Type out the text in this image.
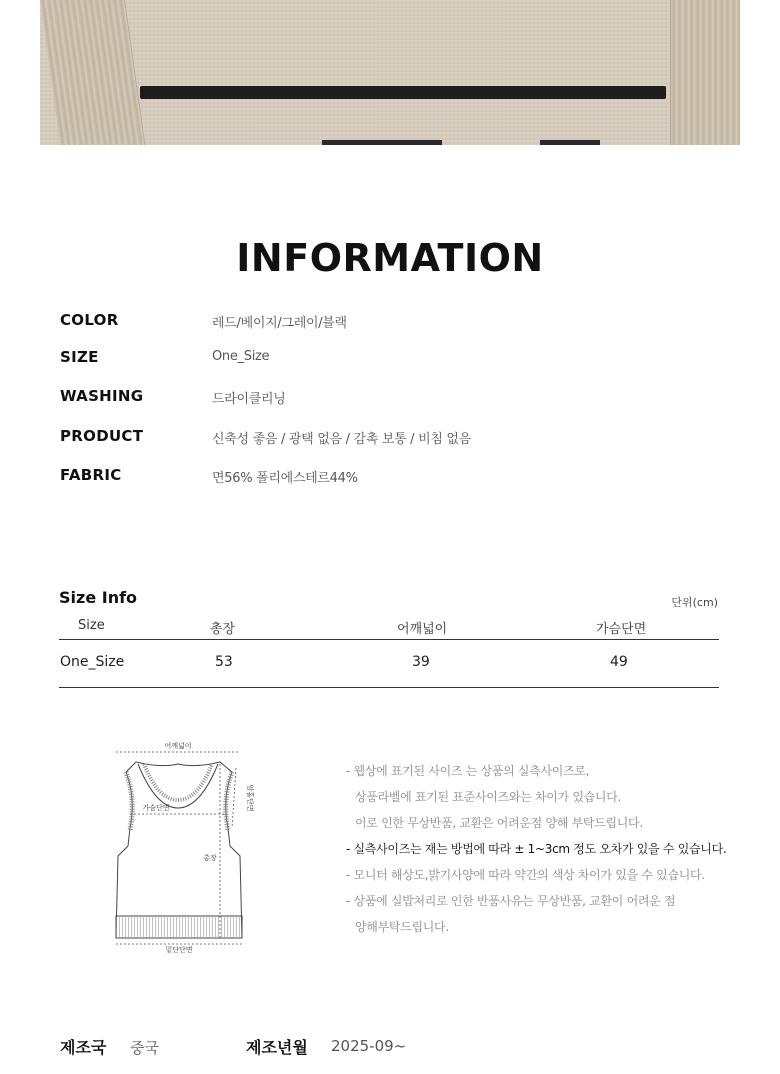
INFORMATION
COLOR	레드/베이지/그레이/블랙
SIZE	One_Size
WASHING	드라이클리닝
PRODUCT	신축성 좋음 / 광택 없음 / 감촉 보통 / 비침 없음
FABRIC	면56% 폴리에스테르44%
Size Info	단위(cm)
Size	총장	어깨넓이	가슴단면
One_Size	53	39	49
어깨넓이
가슴단면	암홀단면
총장
밑단단면
- 웹상에 표기된 사이즈 는 상품의 실측사이즈로,
상품라벨에 표기된 표준사이즈와는 차이가 있습니다.
이로 인한 무상반품, 교환은 어려운점 양해 부탁드립니다.
- 실측사이즈는 재는 방법에 따라 ± 1~3cm 정도 오차가 있을 수 있습니다.
- 모니터 해상도,밝기사양에 따라 약간의 색상 차이가 있을 수 있습니다.
- 상품에 실밥처리로 인한 반품사유는 무상반품, 교환이 어려운 점
양해부탁드립니다.
제조국 중국	제조년월 2025-09~
